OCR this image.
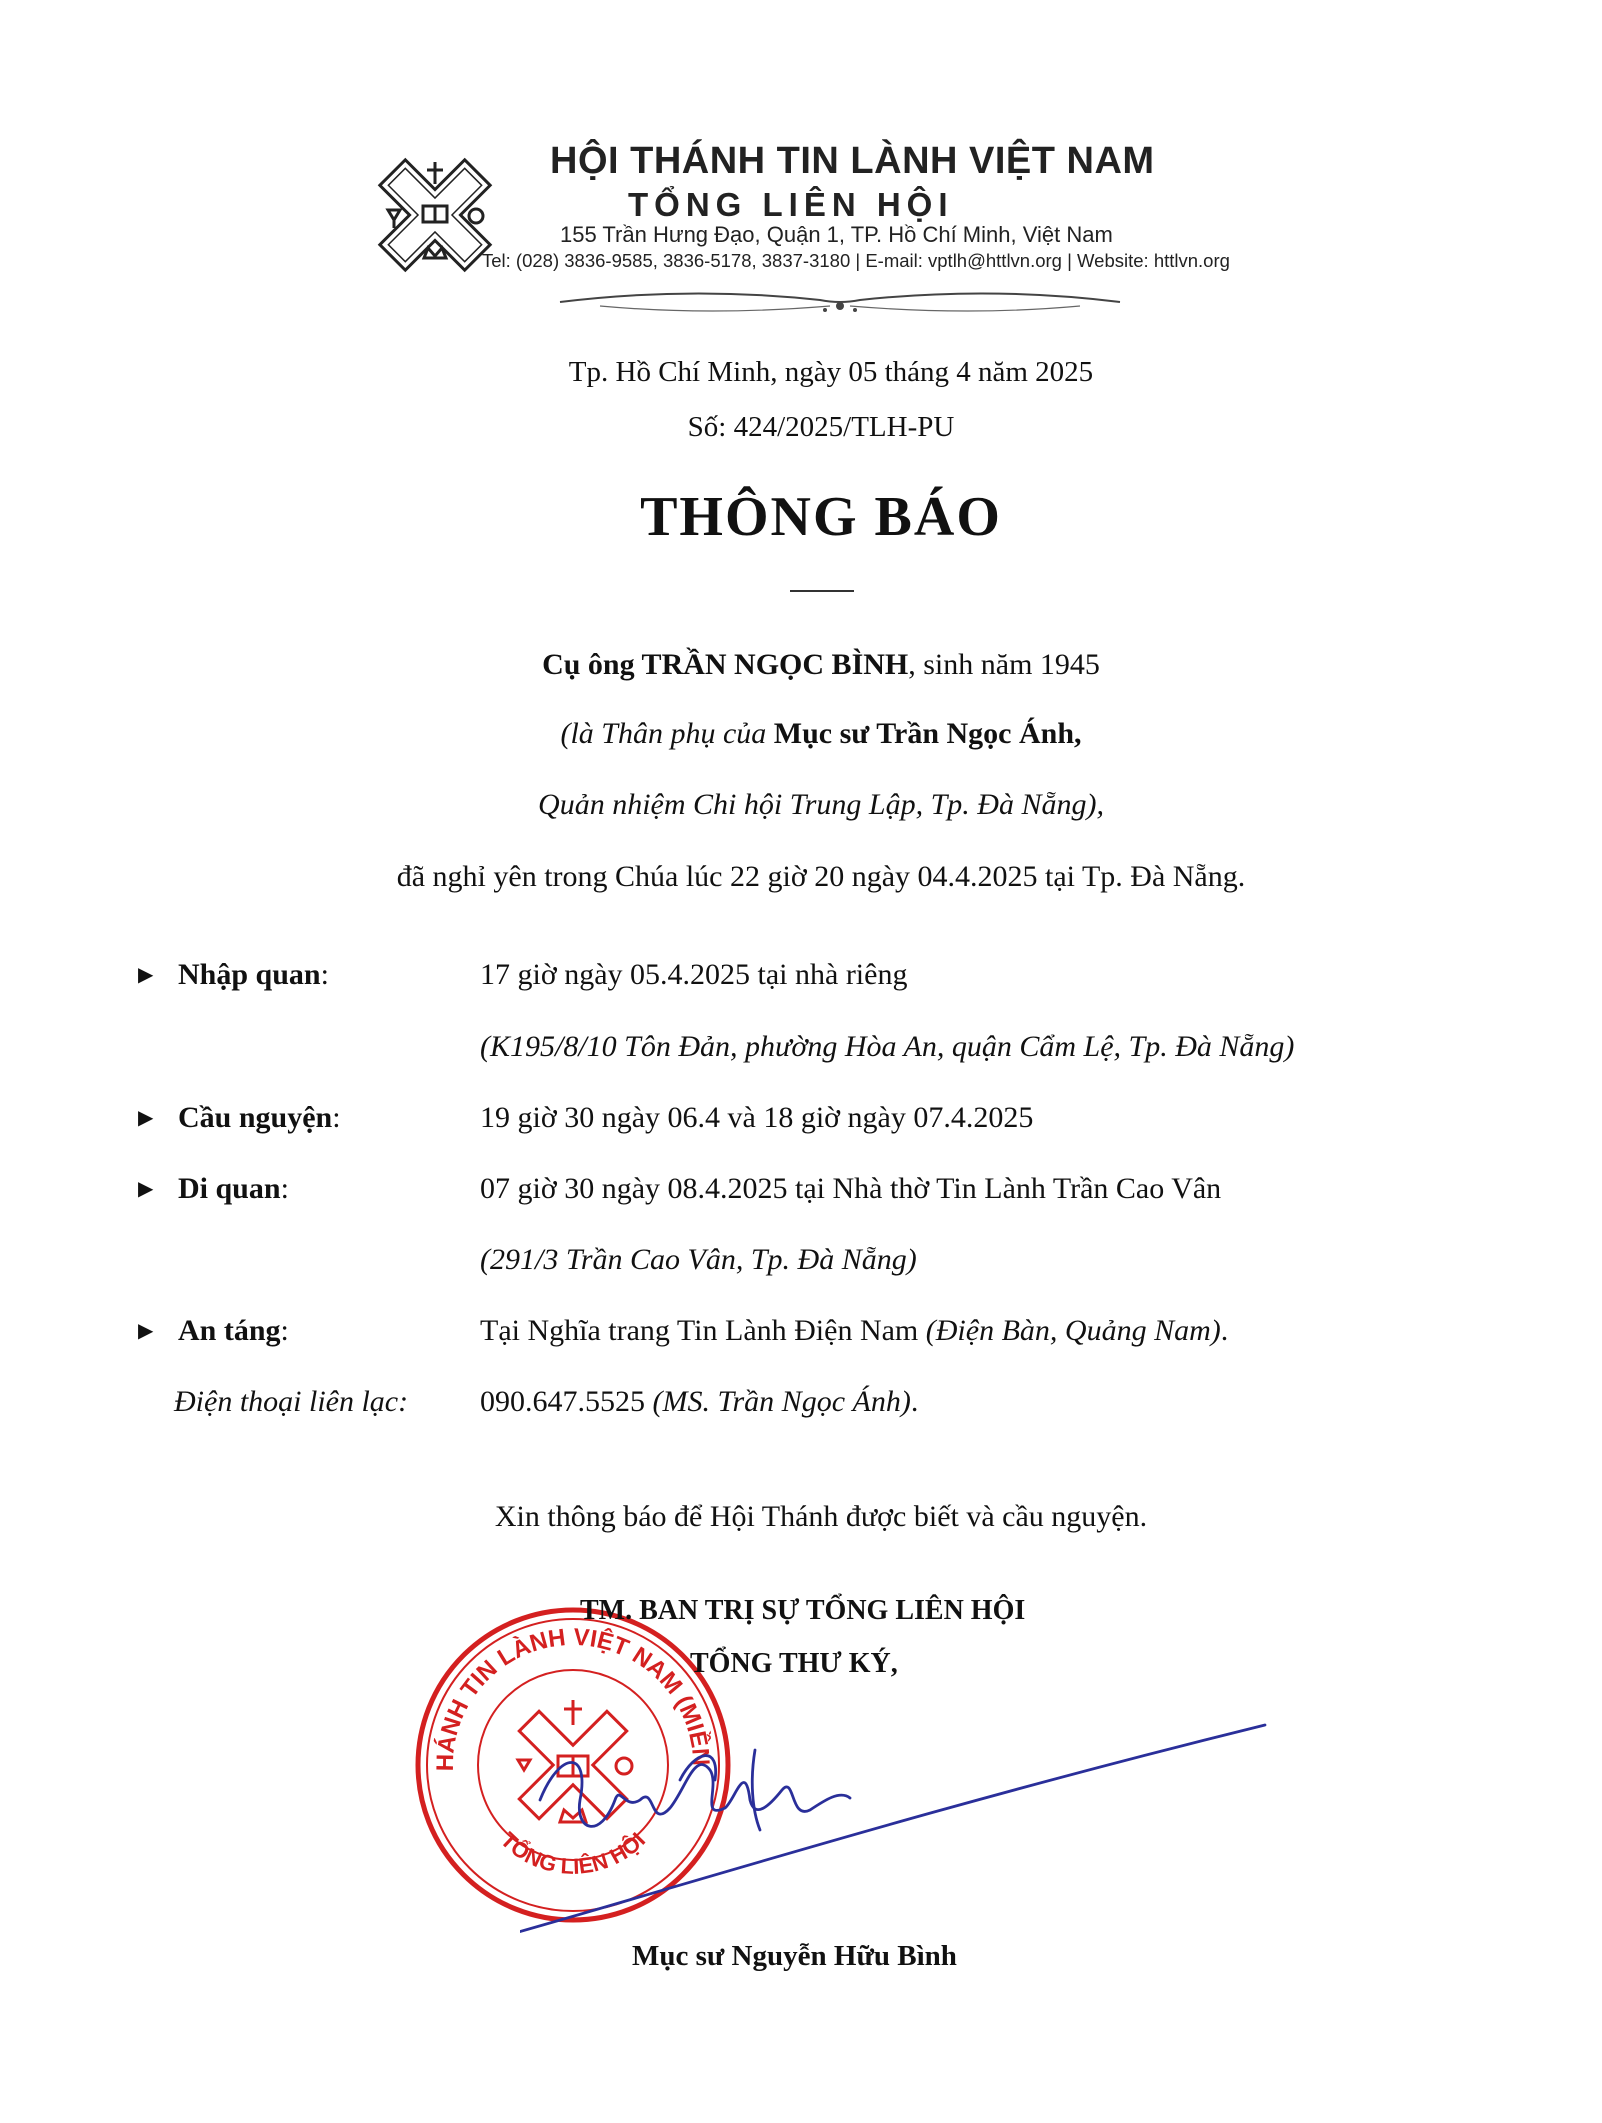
HỘI THÁNH TIN LÀNH VIỆT NAM
TỔNG LIÊN HỘI
155 Trần Hưng Đạo, Quận 1, TP. Hồ Chí Minh, Việt Nam
Tel: (028) 3836-9585, 3836-5178, 3837-3180 | E-mail: vptlh@httlvn.org | Website: httlvn.org
Tp. Hồ Chí Minh, ngày 05 tháng 4 năm 2025
Số: 424/2025/TLH-PU
THÔNG BÁO
Cụ ông TRẦN NGỌC BÌNH, sinh năm 1945
(là Thân phụ của Mục sư Trần Ngọc Ánh,
Quản nhiệm Chi hội Trung Lập, Tp. Đà Nẵng),
đã nghỉ yên trong Chúa lúc 22 giờ 20 ngày 04.4.2025 tại Tp. Đà Nẵng.
▶ Nhập quan:	17 giờ ngày 05.4.2025 tại nhà riêng
(K195/8/10 Tôn Đản, phường Hòa An, quận Cẩm Lệ, Tp. Đà Nẵng)
▶ Cầu nguyện:	19 giờ 30 ngày 06.4 và 18 giờ ngày 07.4.2025
▶ Di quan:	07 giờ 30 ngày 08.4.2025 tại Nhà thờ Tin Lành Trần Cao Vân
(291/3 Trần Cao Vân, Tp. Đà Nẵng)
▶ An táng:	Tại Nghĩa trang Tin Lành Điện Nam (Điện Bàn, Quảng Nam).
Điện thoại liên lạc: 090.647.5525 (MS. Trần Ngọc Ánh).
Xin thông báo để Hội Thánh được biết và cầu nguyện.
HÁNH TIN LÀNH VIỆT NAM (MIỀN
TỔNG LIÊN HỘI
TM. BAN TRỊ SỰ TỔNG LIÊN HỘI
TỔNG THƯ KÝ,
Mục sư Nguyễn Hữu Bình
